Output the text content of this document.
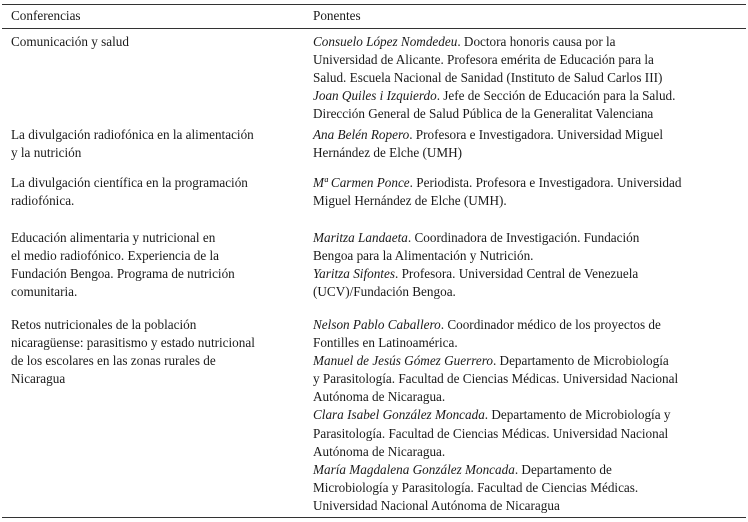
Conferencias	Ponentes
Comunicación y salud	Consuelo López Nomdedeu. Doctora honoris causa por la
Universidad de Alicante. Profesora emérita de Educación para la
Salud. Escuela Nacional de Sanidad (Instituto de Salud Carlos III)
Joan Quiles i Izquierdo. Jefe de Sección de Educación para la Salud.
Dirección General de Salud Pública de la Generalitat Valenciana
La divulgación radiofónica en la alimentación
y la nutrición
Ana Belén Ropero. Profesora e Investigadora. Universidad Miguel
Hernández de Elche (UMH)
La divulgación científica en la programación
radiofónica.
Mª Carmen Ponce. Periodista. Profesora e Investigadora. Universidad
Miguel Hernández de Elche (UMH).
Educación alimentaria y nutricional en
el medio radiofónico. Experiencia de la
Fundación Bengoa. Programa de nutrición
comunitaria.
Maritza Landaeta. Coordinadora de Investigación. Fundación
Bengoa para la Alimentación y Nutrición.
Yaritza Sifontes. Profesora. Universidad Central de Venezuela
(UCV)/Fundación Bengoa.
Retos nutricionales de la población
nicaragüense: parasitismo y estado nutricional
de los escolares en las zonas rurales de
Nicaragua
Nelson Pablo Caballero. Coordinador médico de los proyectos de
Fontilles en Latinoamérica.
Manuel de Jesús Gómez Guerrero. Departamento de Microbiología
y Parasitología. Facultad de Ciencias Médicas. Universidad Nacional
Autónoma de Nicaragua.
Clara Isabel González Moncada. Departamento de Microbiología y
Parasitología. Facultad de Ciencias Médicas. Universidad Nacional
Autónoma de Nicaragua.
María Magdalena González Moncada. Departamento de
Microbiología y Parasitología. Facultad de Ciencias Médicas.
Universidad Nacional Autónoma de Nicaragua
